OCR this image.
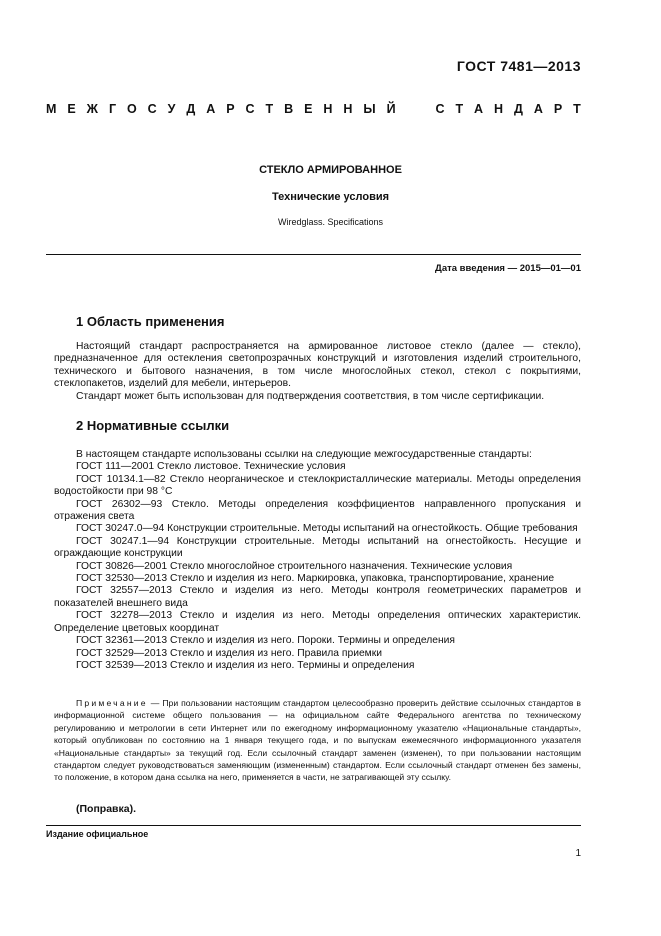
ГОСТ 7481—2013
М Е Ж Г О С У Д А Р С Т В Е Н Н Ы Й	С Т А Н Д А Р Т
СТЕКЛО АРМИРОВАННОЕ
Технические условия
Wiredglass. Specifications
Дата введения — 2015—01—01
1 Область применения

Настоящий стандарт распространяется на армированное листовое стекло (далее — стекло), предназначенное для остекления светопрозрачных конструкций и изготовления изделий строительного, технического и бытового назначения, в том числе многослойных стекол, стекол с покрытиями, стеклопакетов, изделий для мебели, интерьеров.

Стандарт может быть использован для подтверждения соответствия, в том числе сертификации.

2 Нормативные ссылки

В настоящем стандарте использованы ссылки на следующие межгосударственные стандарты:

ГОСТ 111—2001 Стекло листовое. Технические условия

ГОСТ 10134.1—82 Стекло неорганическое и стеклокристаллические материалы. Методы определения водостойкости при 98 °С

ГОСТ 26302—93 Стекло. Методы определения коэффициентов направленного пропускания и отражения света

ГОСТ 30247.0—94 Конструкции строительные. Методы испытаний на огнестойкость. Общие требования

ГОСТ 30247.1—94 Конструкции строительные. Методы испытаний на огнестойкость. Несущие и ограждающие конструкции

ГОСТ 30826—2001 Стекло многослойное строительного назначения. Технические условия

ГОСТ 32530—2013 Стекло и изделия из него. Маркировка, упаковка, транспортирование, хранение

ГОСТ 32557—2013 Стекло и изделия из него. Методы контроля геометрических параметров и показателей внешнего вида

ГОСТ 32278—2013 Стекло и изделия из него. Методы определения оптических характеристик. Определение цветовых координат

ГОСТ 32361—2013 Стекло и изделия из него. Пороки. Термины и определения

ГОСТ 32529—2013 Стекло и изделия из него. Правила приемки

ГОСТ 32539—2013 Стекло и изделия из него. Термины и определения

Примечание — При пользовании настоящим стандартом целесообразно проверить действие ссылочных стандартов в информационной системе общего пользования — на официальном сайте Федерального агентства по техническому регулированию и метрологии в сети Интернет или по ежегодному информационному указателю «Национальные стандарты», который опубликован по состоянию на 1 января текущего года, и по выпускам ежемесячного информационного указателя «Национальные стандарты» за текущий год. Если ссылочный стандарт заменен (изменен), то при пользовании настоящим стандартом следует руководствоваться заменяющим (измененным) стандартом. Если ссылочный стандарт отменен без замены, то положение, в котором дана ссылка на него, применяется в части, не затрагивающей эту ссылку.
(Поправка).
Издание официальное
1
